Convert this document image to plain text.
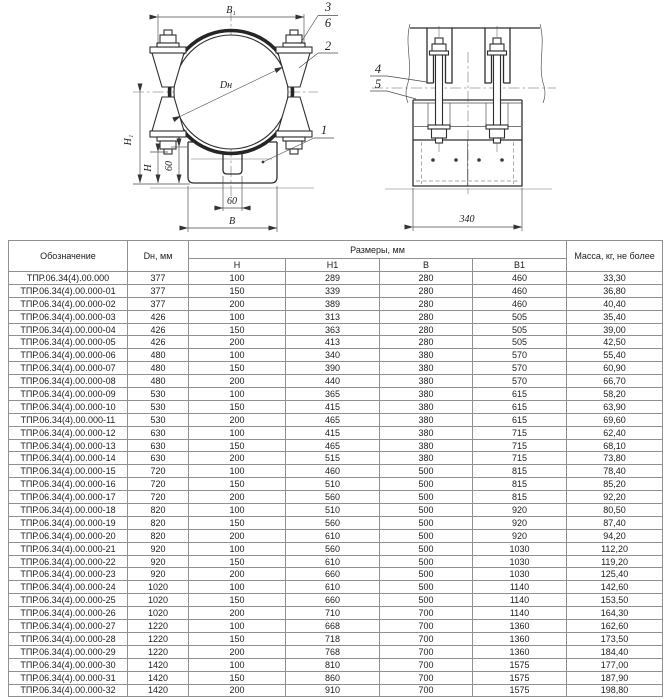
B₁
Dн
H₁
H 60
60
B
3
6
2
1
340
4
5
Обозначение	Dн, мм	Размеры, мм				Масса, кг, не более
		H	H1	B	B1	
ТПР.06.34(4).00.000	377	100	289	280	460	33,30
ТПР.06.34(4).00.000-01	377	150	339	280	460	36,80
ТПР.06.34(4).00.000-02	377	200	389	280	460	40,40
ТПР.06.34(4).00.000-03	426	100	313	280	505	35,40
ТПР.06.34(4).00.000-04	426	150	363	280	505	39,00
ТПР.06.34(4).00.000-05	426	200	413	280	505	42,50
ТПР.06.34(4).00.000-06	480	100	340	380	570	55,40
ТПР.06.34(4).00.000-07	480	150	390	380	570	60,90
ТПР.06.34(4).00.000-08	480	200	440	380	570	66,70
ТПР.06.34(4).00.000-09	530	100	365	380	615	58,20
ТПР.06.34(4).00.000-10	530	150	415	380	615	63,90
ТПР.06.34(4).00.000-11	530	200	465	380	615	69,60
ТПР.06.34(4).00.000-12	630	100	415	380	715	62,40
ТПР.06.34(4).00.000-13	630	150	465	380	715	68,10
ТПР.06.34(4).00.000-14	630	200	515	380	715	73,80
ТПР.06.34(4).00.000-15	720	100	460	500	815	78,40
ТПР.06.34(4).00.000-16	720	150	510	500	815	85,20
ТПР.06.34(4).00.000-17	720	200	560	500	815	92,20
ТПР.06.34(4).00.000-18	820	100	510	500	920	80,50
ТПР.06.34(4).00.000-19	820	150	560	500	920	87,40
ТПР.06.34(4).00.000-20	820	200	610	500	920	94,20
ТПР.06.34(4).00.000-21	920	100	560	500	1030	112,20
ТПР.06.34(4).00.000-22	920	150	610	500	1030	119,20
ТПР.06.34(4).00.000-23	920	200	660	500	1030	125,40
ТПР.06.34(4).00.000-24	1020	100	610	500	1140	142,60
ТПР.06.34(4).00.000-25	1020	150	660	500	1140	153,50
ТПР.06.34(4).00.000-26	1020	200	710	700	1140	164,30
ТПР.06.34(4).00.000-27	1220	100	668	700	1360	162,60
ТПР.06.34(4).00.000-28	1220	150	718	700	1360	173,50
ТПР.06.34(4).00.000-29	1220	200	768	700	1360	184,40
ТПР.06.34(4).00.000-30	1420	100	810	700	1575	177,00
ТПР.06.34(4).00.000-31	1420	150	860	700	1575	187,90
ТПР.06.34(4).00.000-32	1420	200	910	700	1575	198,80
